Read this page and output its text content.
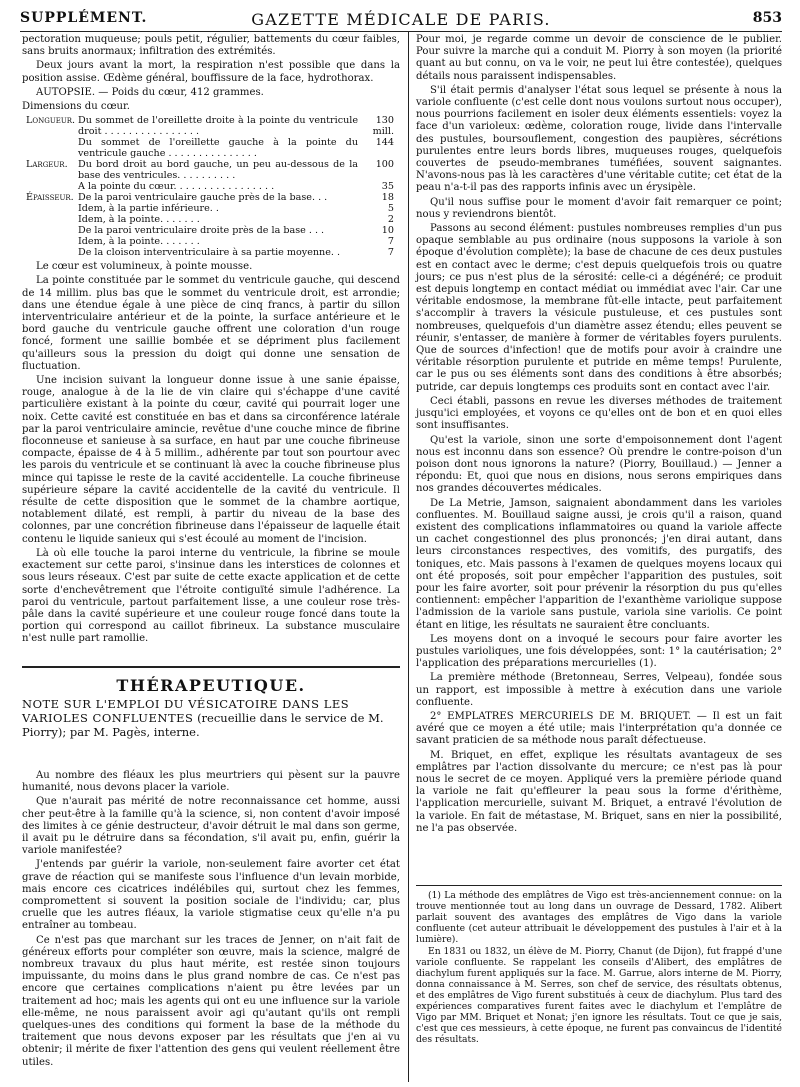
SUPPLÉMENT.	GAZETTE MÉDICALE DE PARIS.	853

pectoration muqueuse; pouls petit, régulier, battements du cœur faibles, sans bruits anormaux; infiltration des extrémités.

Deux jours avant la mort, la respiration n'est possible que dans la position assise. Œdème général, bouffissure de la face, hydrothorax.

AUTOPSIE. — Poids du cœur, 412 grammes.

Dimensions du cœur.

Longueur.	Du sommet de l'oreillette droite à la pointe du ventricule droit . . . . . . . . . . . . . . . .	130 mill.
	Du sommet de l'oreillette gauche à la pointe du ventricule gauche . . . . . . . . . . . . . . .	144
Largeur.	Du bord droit au bord gauche, un peu au-dessous de la base des ventricules. . . . . . . . . .	100
	A la pointe du cœur. . . . . . . . . . . . . . . . .	35
Épaisseur.	De la paroi ventriculaire gauche près de la base. . .	18
	Idem, à la partie inférieure. .	5
	Idem, à la pointe. . . . . . .	2
	De la paroi ventriculaire droite près de la base . . .	10
	Idem, à la pointe. . . . . . .	7
	De la cloison interventriculaire à sa partie moyenne. .	7

Le cœur est volumineux, à pointe mousse.

La pointe constituée par le sommet du ventricule gauche, qui descend de 14 millim. plus bas que le sommet du ventricule droit, est arrondie; dans une étendue égale à une pièce de cinq francs, à partir du sillon interventriculaire antérieur et de la pointe, la surface antérieure et le bord gauche du ventricule gauche offrent une coloration d'un rouge foncé, forment une saillie bombée et se dépriment plus facilement qu'ailleurs sous la pression du doigt qui donne une sensation de fluctuation.

Une incision suivant la longueur donne issue à une sanie épaisse, rouge, analogue à de la lie de vin claire qui s'échappe d'une cavité particulière existant à la pointe du cœur, cavité qui pourrait loger une noix. Cette cavité est constituée en bas et dans sa circonférence latérale par la paroi ventriculaire amincie, revêtue d'une couche mince de fibrine floconneuse et sanieuse à sa surface, en haut par une couche fibrineuse compacte, épaisse de 4 à 5 millim., adhérente par tout son pourtour avec les parois du ventricule et se continuant là avec la couche fibrineuse plus mince qui tapisse le reste de la cavité accidentelle. La couche fibrineuse supérieure sépare la cavité accidentelle de la cavité du ventricule. Il résulte de cette disposition que le sommet de la chambre aortique, notablement dilaté, est rempli, à partir du niveau de la base des colonnes, par une concrétion fibrineuse dans l'épaisseur de laquelle était contenu le liquide sanieux qui s'est écoulé au moment de l'incision.

Là où elle touche la paroi interne du ventricule, la fibrine se moule exactement sur cette paroi, s'insinue dans les interstices de colonnes et sous leurs réseaux. C'est par suite de cette exacte application et de cette sorte d'enchevêtrement que l'étroite contiguïté simule l'adhérence. La paroi du ventricule, partout parfaitement lisse, a une couleur rose très-pâle dans la cavité supérieure et une couleur rouge foncé dans toute la portion qui correspond au caillot fibrineux. La substance musculaire n'est nulle part ramollie.

THÉRAPEUTIQUE.
NOTE SUR L'EMPLOI DU VÉSICATOIRE DANS LES VARIOLES CONFLUENTES (recueillie dans le service de M. Piorry); par M. Pagès, interne.

Au nombre des fléaux les plus meurtriers qui pèsent sur la pauvre humanité, nous devons placer la variole.

Que n'aurait pas mérité de notre reconnaissance cet homme, aussi cher peut-être à la famille qu'à la science, si, non content d'avoir imposé des limites à ce génie destructeur, d'avoir détruit le mal dans son germe, il avait pu le détruire dans sa fécondation, s'il avait pu, enfin, guérir la variole manifestée?

J'entends par guérir la variole, non-seulement faire avorter cet état grave de réaction qui se manifeste sous l'influence d'un levain morbide, mais encore ces cicatrices indélébiles qui, surtout chez les femmes, compromettent si souvent la position sociale de l'individu; car, plus cruelle que les autres fléaux, la variole stigmatise ceux qu'elle n'a pu entraîner au tombeau.

Ce n'est pas que marchant sur les traces de Jenner, on n'ait fait de généreux efforts pour compléter son œuvre, mais la science, malgré de nombreux travaux du plus haut mérite, est restée sinon toujours impuissante, du moins dans le plus grand nombre de cas. Ce n'est pas encore que certaines complications n'aient pu être levées par un traitement ad hoc; mais les agents qui ont eu une influence sur la variole elle-même, ne nous paraissent avoir agi qu'autant qu'ils ont rempli quelques-unes des conditions qui forment la base de la méthode du traitement que nous devons exposer par les résultats que j'en ai vu obtenir; il mérite de fixer l'attention des gens qui veulent réellement être utiles.

Pour moi, je regarde comme un devoir de conscience de le publier. Pour suivre la marche qui a conduit M. Piorry à son moyen (la priorité quant au but connu, on va le voir, ne peut lui être contestée), quelques détails nous paraissent indispensables.

S'il était permis d'analyser l'état sous lequel se présente à nous la variole confluente (c'est celle dont nous voulons surtout nous occuper), nous pourrions facilement en isoler deux éléments essentiels: voyez la face d'un varioleux: œdème, coloration rouge, livide dans l'intervalle des pustules, boursouflement, congestion des paupières, sécrétions purulentes entre leurs bords libres, muqueuses rouges, quelquefois couvertes de pseudo-membranes tuméfiées, souvent saignantes. N'avons-nous pas là les caractères d'une véritable cutite; cet état de la peau n'a-t-il pas des rapports infinis avec un érysipèle.

Qu'il nous suffise pour le moment d'avoir fait remarquer ce point; nous y reviendrons bientôt.

Passons au second élément: pustules nombreuses remplies d'un pus opaque semblable au pus ordinaire (nous supposons la variole à son époque d'évolution complète); la base de chacune de ces deux pustules est en contact avec le derme; c'est depuis quelquefois trois ou quatre jours; ce pus n'est plus de la sérosité: celle-ci a dégénéré; ce produit est depuis longtemp en contact médiat ou immédiat avec l'air. Car une véritable endosmose, la membrane fût-elle intacte, peut parfaitement s'accomplir à travers la vésicule pustuleuse, et ces pustules sont nombreuses, quelquefois d'un diamètre assez étendu; elles peuvent se réunir, s'entasser, de manière à former de véritables foyers purulents. Que de sources d'infection! que de motifs pour avoir à craindre une véritable résorption purulente et putride en même temps! Purulente, car le pus ou ses éléments sont dans des conditions à être absorbés; putride, car depuis longtemps ces produits sont en contact avec l'air.

Ceci établi, passons en revue les diverses méthodes de traitement jusqu'ici employées, et voyons ce qu'elles ont de bon et en quoi elles sont insuffisantes.

Qu'est la variole, sinon une sorte d'empoisonnement dont l'agent nous est inconnu dans son essence? Où prendre le contre-poison d'un poison dont nous ignorons la nature? (Piorry, Bouillaud.) — Jenner a répondu: Et, quoi que nous en disions, nous serons empiriques dans nos grandes découvertes médicales.

De La Metrie, Jamson, saignaient abondamment dans les varioles confluentes. M. Bouillaud saigne aussi, je crois qu'il a raison, quand existent des complications inflammatoires ou quand la variole affecte un cachet congestionnel des plus prononcés; j'en dirai autant, dans leurs circonstances respectives, des vomitifs, des purgatifs, des toniques, etc. Mais passons à l'examen de quelques moyens locaux qui ont été proposés, soit pour empêcher l'apparition des pustules, soit pour les faire avorter, soit pour prévenir la résorption du pus qu'elles contiennent: empêcher l'apparition de l'exanthème variolique suppose l'admission de la variole sans pustule, variola sine variolis. Ce point étant en litige, les résultats ne sauraient être concluants.

Les moyens dont on a invoqué le secours pour faire avorter les pustules varioliques, une fois développées, sont: 1° la cautérisation; 2° l'application des préparations mercurielles (1).

La première méthode (Bretonneau, Serres, Velpeau), fondée sous un rapport, est impossible à mettre à exécution dans une variole confluente.

2° EMPLATRES MERCURIELS DE M. BRIQUET. — Il est un fait avéré que ce moyen a été utile; mais l'interprétation qu'a donnée ce savant praticien de sa méthode nous paraît défectueuse.

M. Briquet, en effet, explique les résultats avantageux de ses emplâtres par l'action dissolvante du mercure; ce n'est pas là pour nous le secret de ce moyen. Appliqué vers la première période quand la variole ne fait qu'effleurer la peau sous la forme d'érithème, l'application mercurielle, suivant M. Briquet, a entravé l'évolution de la variole. En fait de métastase, M. Briquet, sans en nier la possibilité, ne l'a pas observée.

(1) La méthode des emplâtres de Vigo est très-anciennement connue: on la trouve mentionnée tout au long dans un ouvrage de Dessard, 1782. Alibert parlait souvent des avantages des emplâtres de Vigo dans la variole confluente (cet auteur attribuait le développement des pustules à l'air et à la lumière).

En 1831 ou 1832, un élève de M. Piorry, Chanut (de Dijon), fut frappé d'une variole confluente. Se rappelant les conseils d'Alibert, des emplâtres de diachylum furent appliqués sur la face. M. Garrue, alors interne de M. Piorry, donna connaissance à M. Serres, son chef de service, des résultats obtenus, et des emplâtres de Vigo furent substitués à ceux de diachylum. Plus tard des expériences comparatives furent faites avec le diachylum et l'emplâtre de Vigo par MM. Briquet et Nonat; j'en ignore les résultats. Tout ce que je sais, c'est que ces messieurs, à cette époque, ne furent pas convaincus de l'identité des résultats.
